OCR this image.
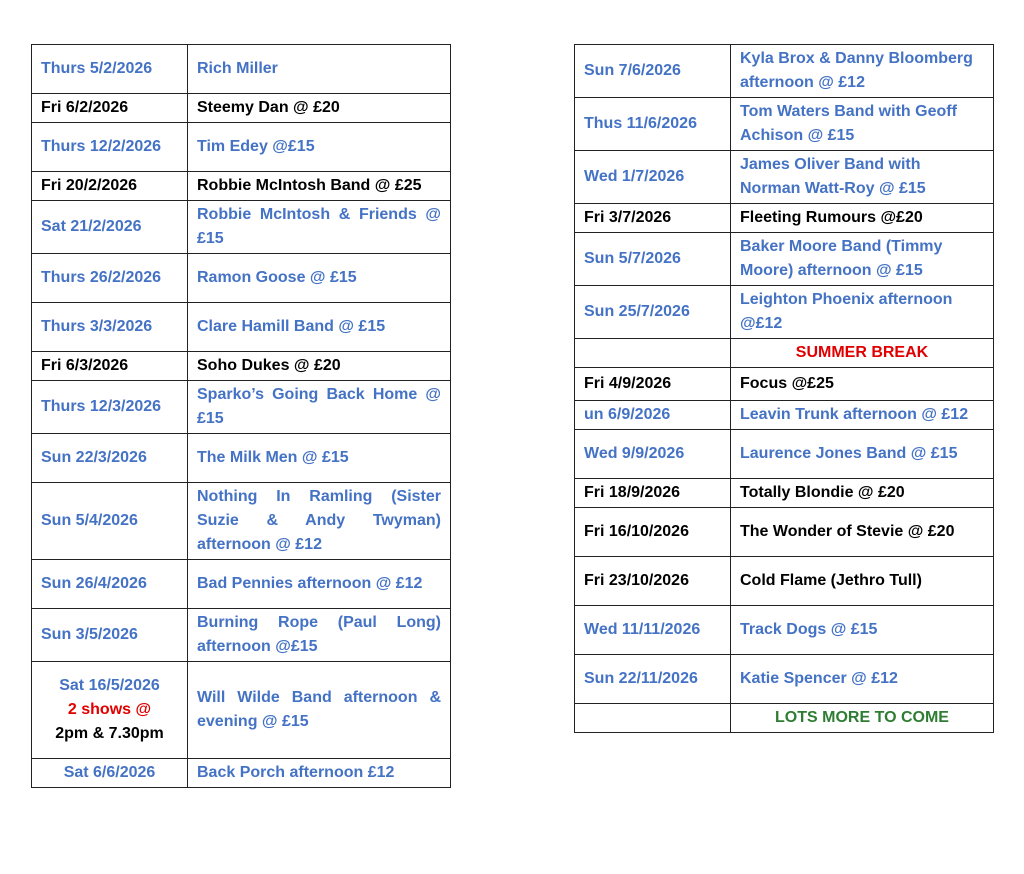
Thurs 5/2/2026	Rich Miller
Fri 6/2/2026	Steemy Dan @ £20
Thurs 12/2/2026	Tim Edey @£15
Fri 20/2/2026	Robbie McIntosh Band @ £25
Sat 21/2/2026	Robbie McIntosh & Friends @ £15
Thurs 26/2/2026	Ramon Goose @ £15
Thurs 3/3/2026	Clare Hamill Band @ £15
Fri 6/3/2026	Soho Dukes @ £20
Thurs 12/3/2026	Sparko’s Going Back Home @ £15
Sun 22/3/2026	The Milk Men @ £15
Sun 5/4/2026	Nothing In Ramling (Sister Suzie & Andy Twyman) afternoon @ £12
Sun 26/4/2026	Bad Pennies afternoon @ £12
Sun 3/5/2026	Burning Rope (Paul Long) afternoon @£15

Sat 16/5/2026
2 shows @
2pm & 7.30pm	Will Wilde Band afternoon & evening @ £15
Sat 6/6/2026	Back Porch afternoon £12
Sun 7/6/2026	Kyla Brox & Danny Bloomberg afternoon @ £12
Thus 11/6/2026	Tom Waters Band with Geoff Achison @ £15
Wed 1/7/2026	James Oliver Band with Norman Watt-Roy @ £15
Fri 3/7/2026	Fleeting Rumours @£20
Sun 5/7/2026	Baker Moore Band (Timmy Moore) afternoon @ £15
Sun 25/7/2026	Leighton Phoenix afternoon @£12
	SUMMER BREAK
Fri 4/9/2026	Focus @£25
un 6/9/2026	Leavin Trunk afternoon @ £12
Wed 9/9/2026	Laurence Jones Band @ £15
Fri 18/9/2026	Totally Blondie @ £20
Fri 16/10/2026	The Wonder of Stevie @ £20
Fri 23/10/2026	Cold Flame (Jethro Tull)
Wed 11/11/2026	Track Dogs @ £15
Sun 22/11/2026	Katie Spencer @ £12
	LOTS MORE TO COME
